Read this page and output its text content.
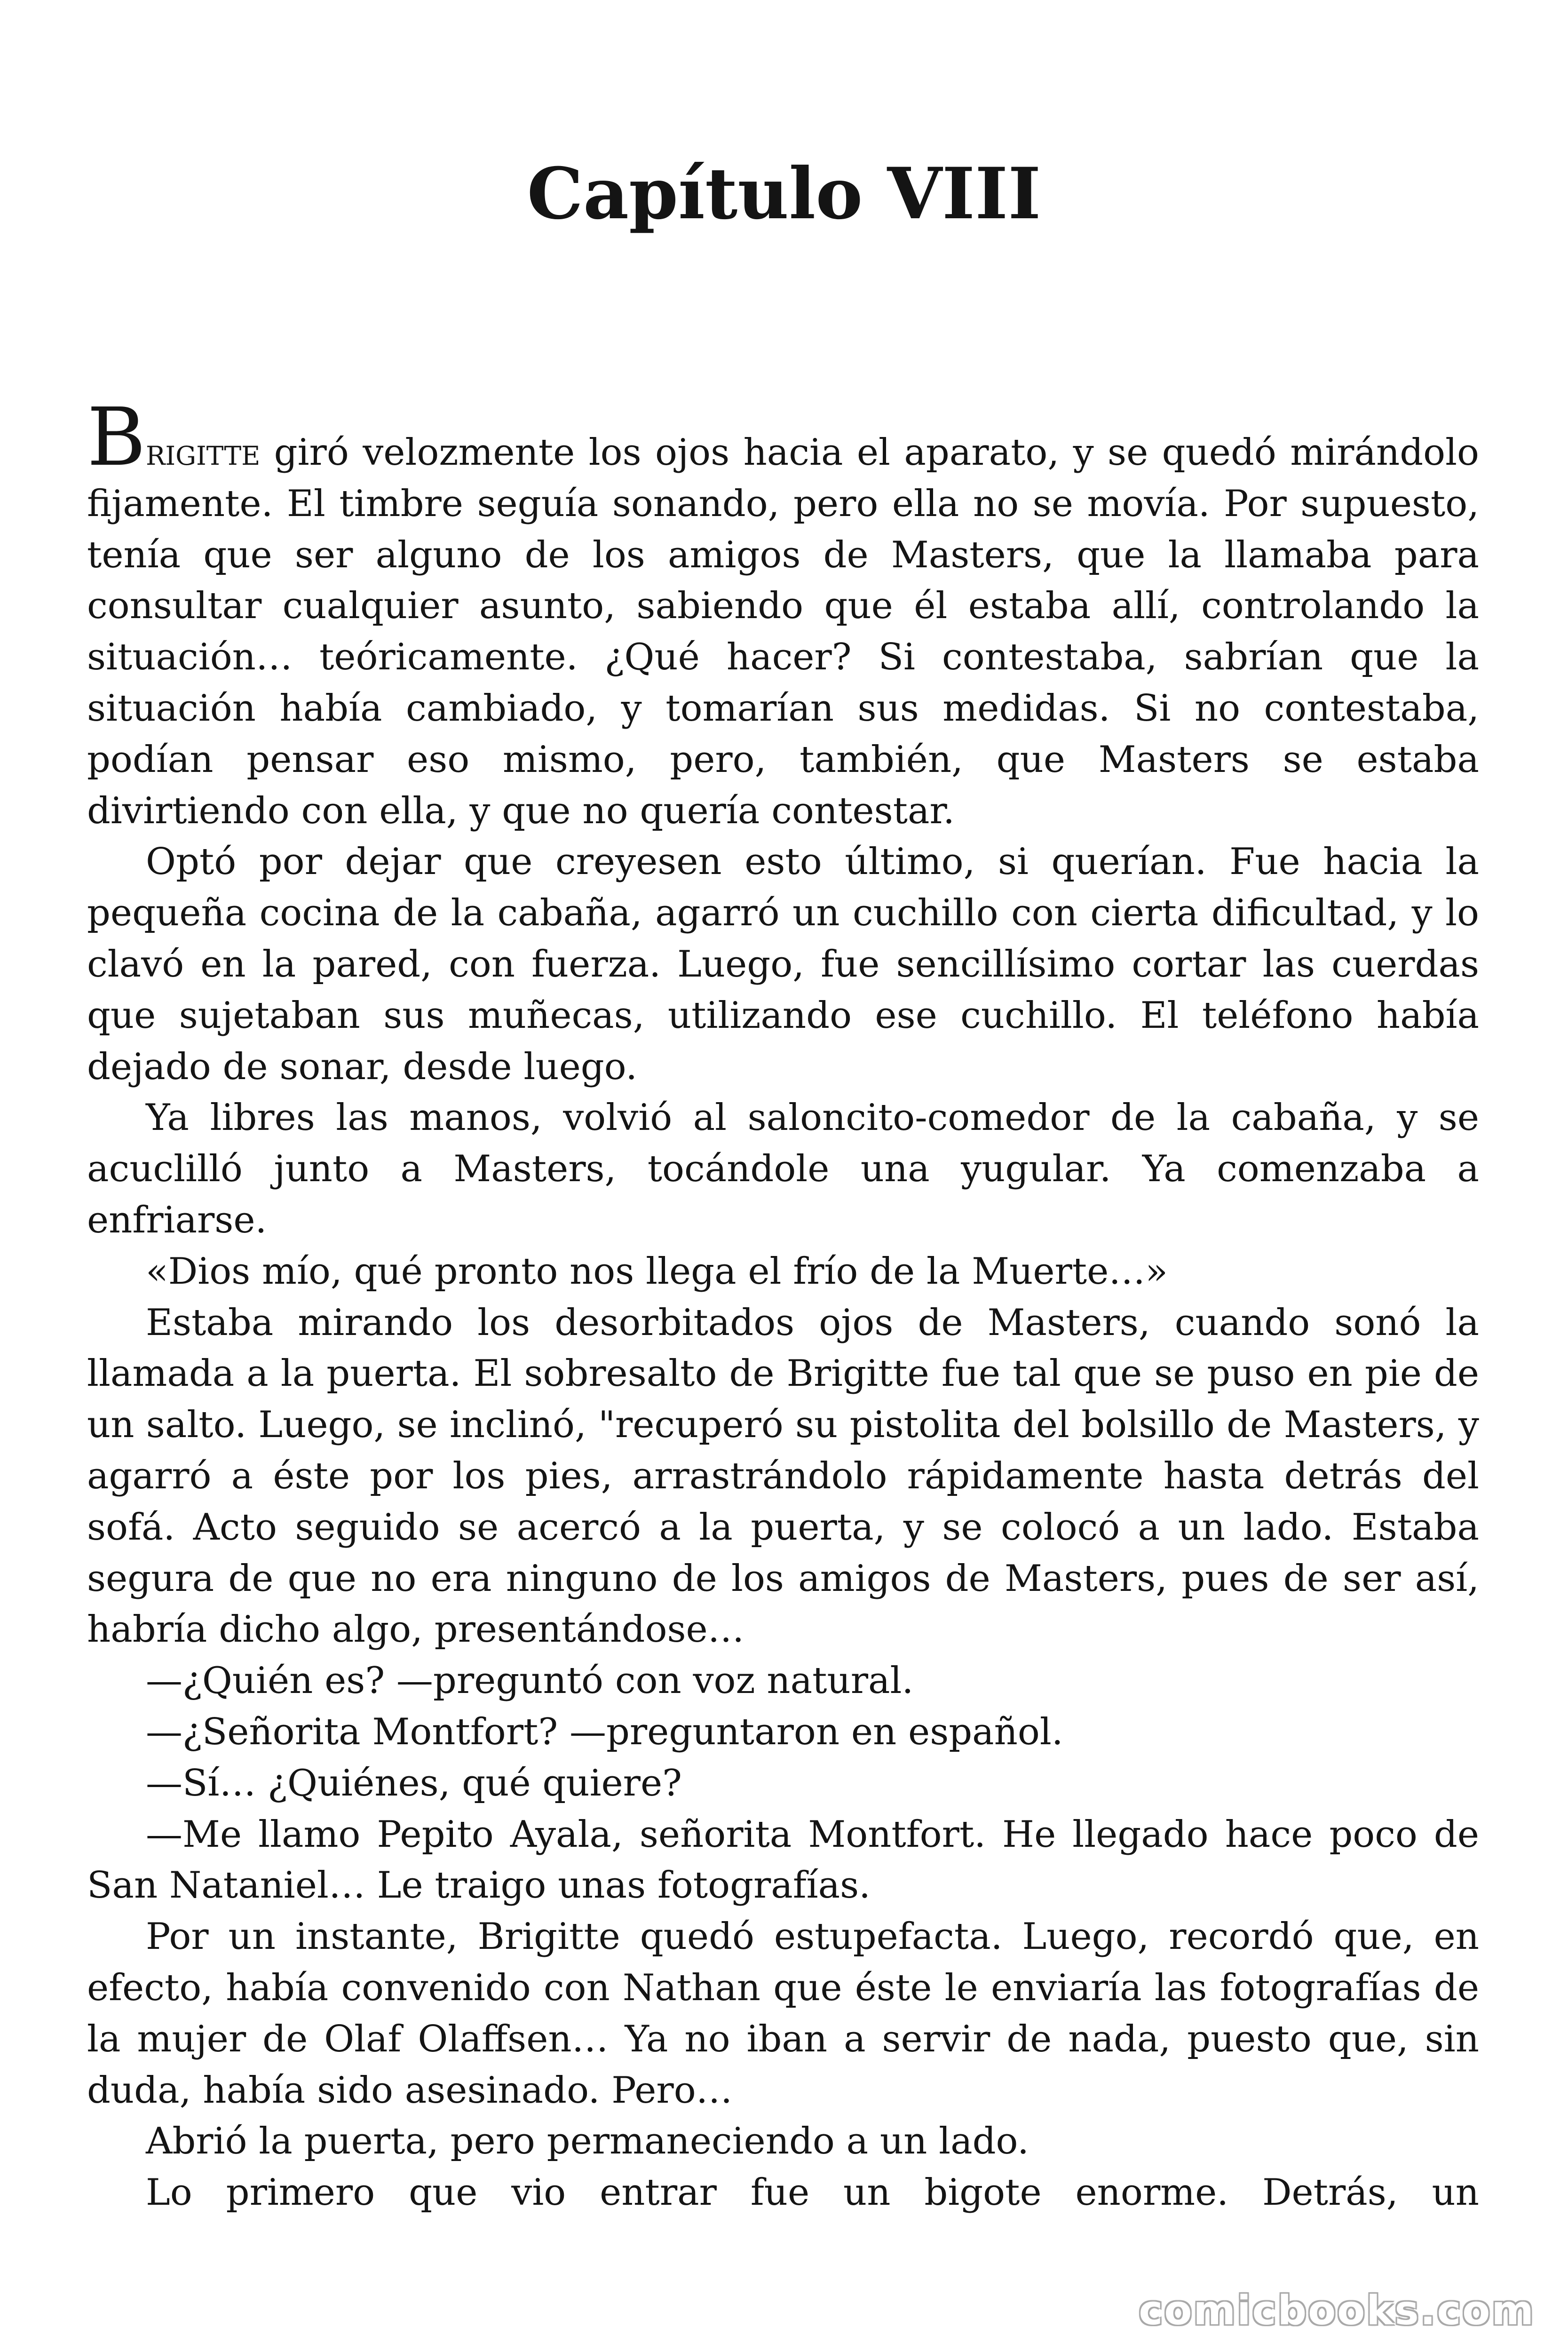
Capítulo VIII

Brigitte giró velozmente los ojos hacia el aparato, y se quedó mirándolo fijamente. El timbre seguía sonando, pero ella no se movía. Por supuesto, tenía que ser alguno de los amigos de Masters, que la llamaba para consultar cualquier asunto, sabiendo que él estaba allí, controlando la situación… teóricamente. ¿Qué hacer? Si contestaba, sabrían que la situación había cambiado, y tomarían sus medidas. Si no contestaba, podían pensar eso mismo, pero, también, que Masters se estaba divirtiendo con ella, y que no quería contestar.

Optó por dejar que creyesen esto último, si querían. Fue hacia la pequeña cocina de la cabaña, agarró un cuchillo con cierta dificultad, y lo clavó en la pared, con fuerza. Luego, fue sencillísimo cortar las cuerdas que sujetaban sus muñecas, utilizando ese cuchillo. El teléfono había dejado de sonar, desde luego.

Ya libres las manos, volvió al saloncito-comedor de la cabaña, y se acuclilló junto a Masters, tocándole una yugular. Ya comenzaba a enfriarse.

«Dios mío, qué pronto nos llega el frío de la Muerte…»

Estaba mirando los desorbitados ojos de Masters, cuando sonó la llamada a la puerta. El sobresalto de Brigitte fue tal que se puso en pie de un salto. Luego, se inclinó, "recuperó su pistolita del bolsillo de Masters, y agarró a éste por los pies, arrastrándolo rápidamente hasta detrás del sofá. Acto seguido se acercó a la puerta, y se colocó a un lado. Estaba segura de que no era ninguno de los amigos de Masters, pues de ser así, habría dicho algo, presentándose…

—¿Quién es? —preguntó con voz natural.

—¿Señorita Montfort? —preguntaron en español.

—Sí… ¿Quiénes, qué quiere?

—Me llamo Pepito Ayala, señorita Montfort. He llegado hace poco de San Nataniel… Le traigo unas fotografías.

Por un instante, Brigitte quedó estupefacta. Luego, recordó que, en efecto, había convenido con Nathan que éste le enviaría las fotografías de la mujer de Olaf Olaffsen… Ya no iban a servir de nada, puesto que, sin duda, había sido asesinado. Pero…

Abrió la puerta, pero permaneciendo a un lado.

Lo primero que vio entrar fue un bigote enorme. Detrás, un

comicbooks.com
